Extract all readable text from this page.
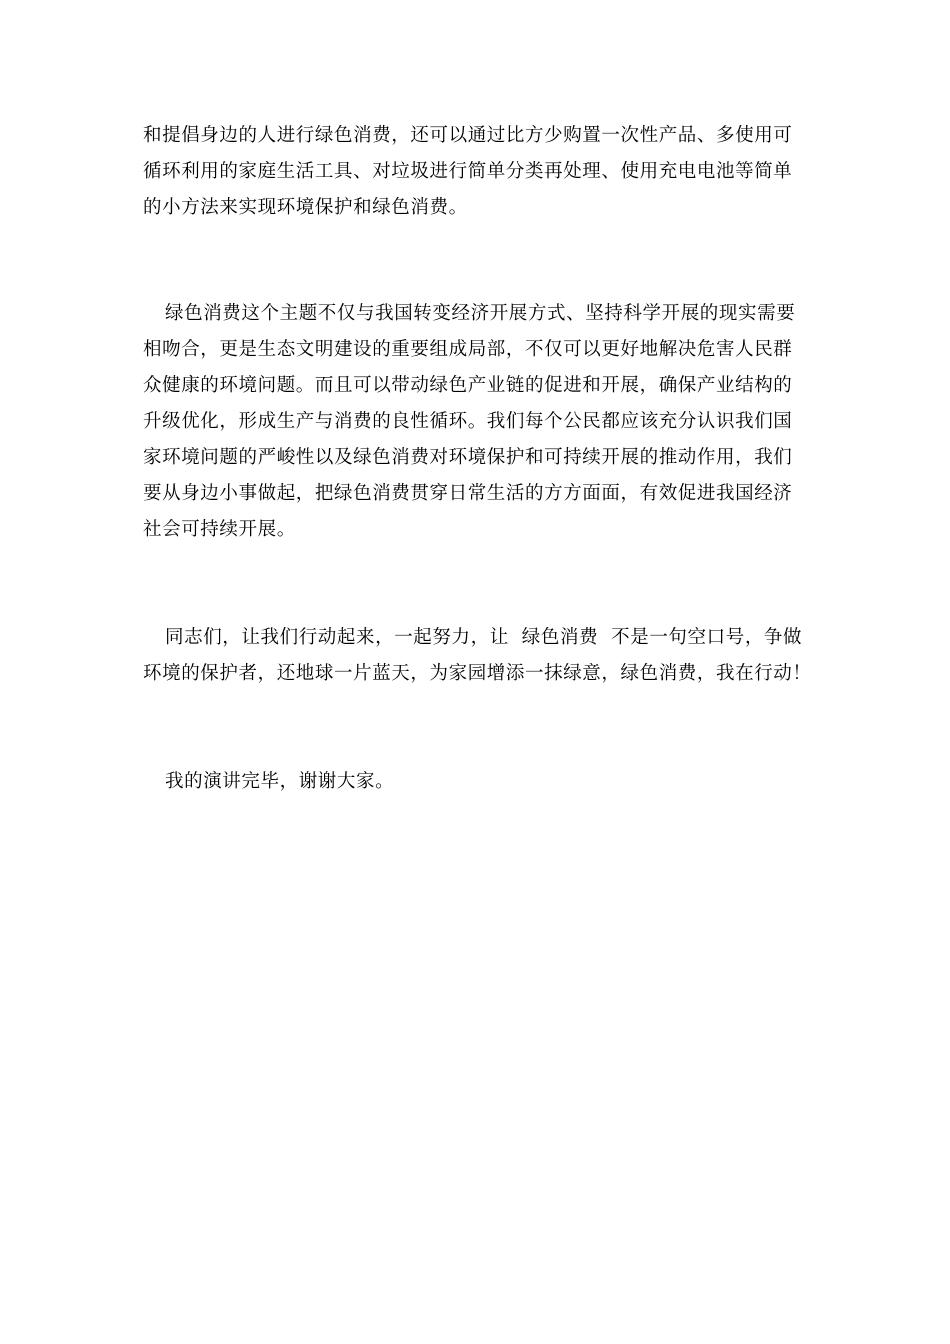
和提倡身边的人进行绿色消费，还可以通过比方少购置一次性产品、多使用可
循环利用的家庭生活工具、对垃圾进行简单分类再处理、使用充电电池等简单
的小方法来实现环境保护和绿色消费。

绿色消费这个主题不仅与我国转变经济开展方式、坚持科学开展的现实需要
相吻合，更是生态文明建设的重要组成局部，不仅可以更好地解决危害人民群
众健康的环境问题。而且可以带动绿色产业链的促进和开展，确保产业结构的
升级优化，形成生产与消费的良性循环。我们每个公民都应该充分认识我们国
家环境问题的严峻性以及绿色消费对环境保护和可持续开展的推动作用，我们
要从身边小事做起，把绿色消费贯穿日常生活的方方面面，有效促进我国经济
社会可持续开展。

同志们，让我们行动起来，一起努力，让  绿色消费  不是一句空口号，争做
环境的保护者，还地球一片蓝天，为家园增添一抹绿意，绿色消费，我在行动！

我的演讲完毕，谢谢大家。
